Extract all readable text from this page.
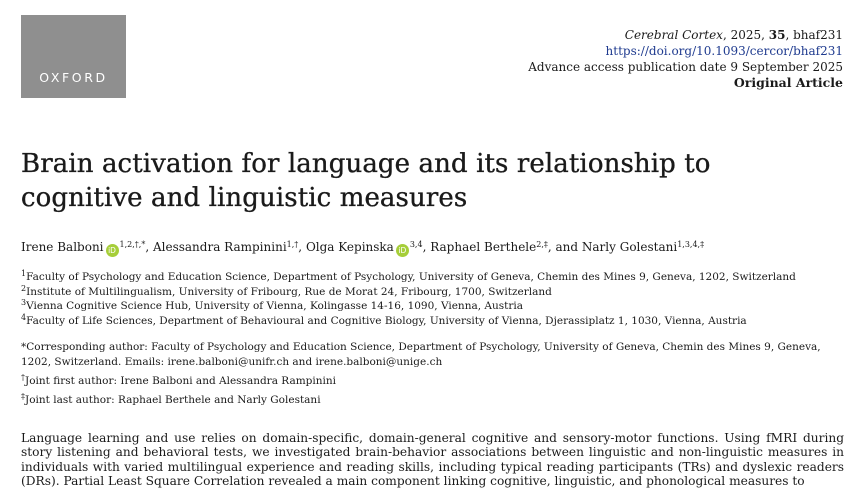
OXFORD
Cerebral Cortex, 2025, 35, bhaf231
https://doi.org/10.1093/cercor/bhaf231
Advance access publication date 9 September 2025
Original Article
Brain activation for language and its relationship to cognitive and linguistic measures
Irene Balboni $iD^{1,2,\dagger,*}$, Alessandra Rampinini$^{1,\dagger}$, Olga Kepinska iD$^{3,4}$, Raphael Berthele$^{2,\ddagger}$, and Narly Golestani$^{1,3,4,\ddagger}$
$^1$Faculty of Psychology and Education Science, Department of Psychology, University of Geneva, Chemin des Mines 9, Geneva, 1202, Switzerland
$^2$Institute of Multilingualism, University of Fribourg, Rue de Morat 24, Fribourg, 1700, Switzerland
$^3$Vienna Cognitive Science Hub, University of Vienna, Kolingasse 14-16, 1090, Vienna, Austria
$^4$Faculty of Life Sciences, Department of Behavioural and Cognitive Biology, University of Vienna, Djerassiplatz 1, 1030, Vienna, Austria

*Corresponding author: Faculty of Psychology and Education Science, Department of Psychology, University of Geneva, Chemin des Mines 9, Geneva, 1202, Switzerland. Emails: irene.balboni@unifr.ch and irene.balboni@unige.ch

†Joint first author: Irene Balboni and Alessandra Rampinini

‡Joint last author: Raphael Berthele and Narly Golestani

Language learning and use relies on domain-specific, domain-general cognitive and sensory-motor functions. Using fMRI during story listening and behavioral tests, we investigated brain-behavior associations between linguistic and non-linguistic measures in individuals with varied multilingual experience and reading skills, including typical reading participants (TRs) and dyslexic readers (DRs). Partial Least Square Correlation revealed a main component linking cognitive, linguistic, and phonological measures to
